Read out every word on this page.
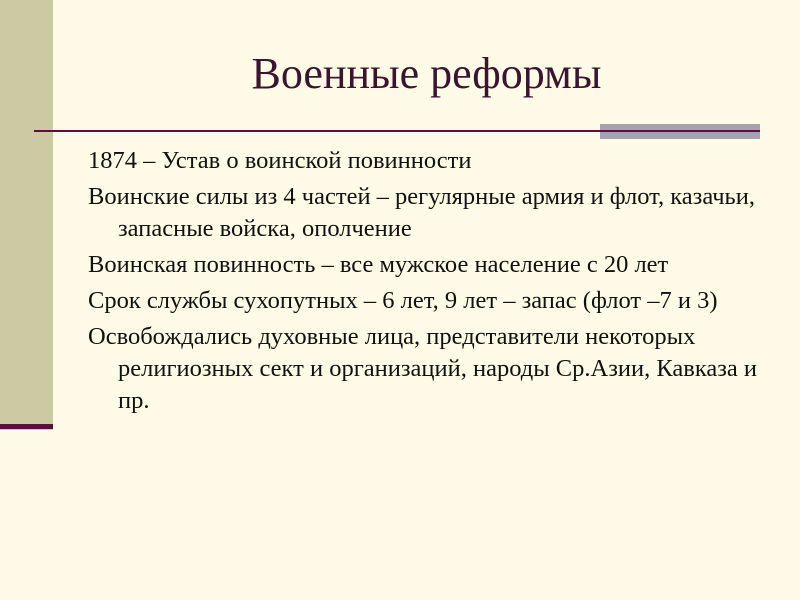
Военные реформы
1874 – Устав о воинской повинности
Воинские силы из 4 частей – регулярные армия и флот, казачьи, запасные войска, ополчение
Воинская повинность – все мужское население с 20 лет
Срок службы сухопутных – 6 лет, 9 лет – запас (флот –7 и 3)
Освобождались духовные лица, представители некоторых религиозных сект и организаций, народы Ср.Азии, Кавказа и пр.
